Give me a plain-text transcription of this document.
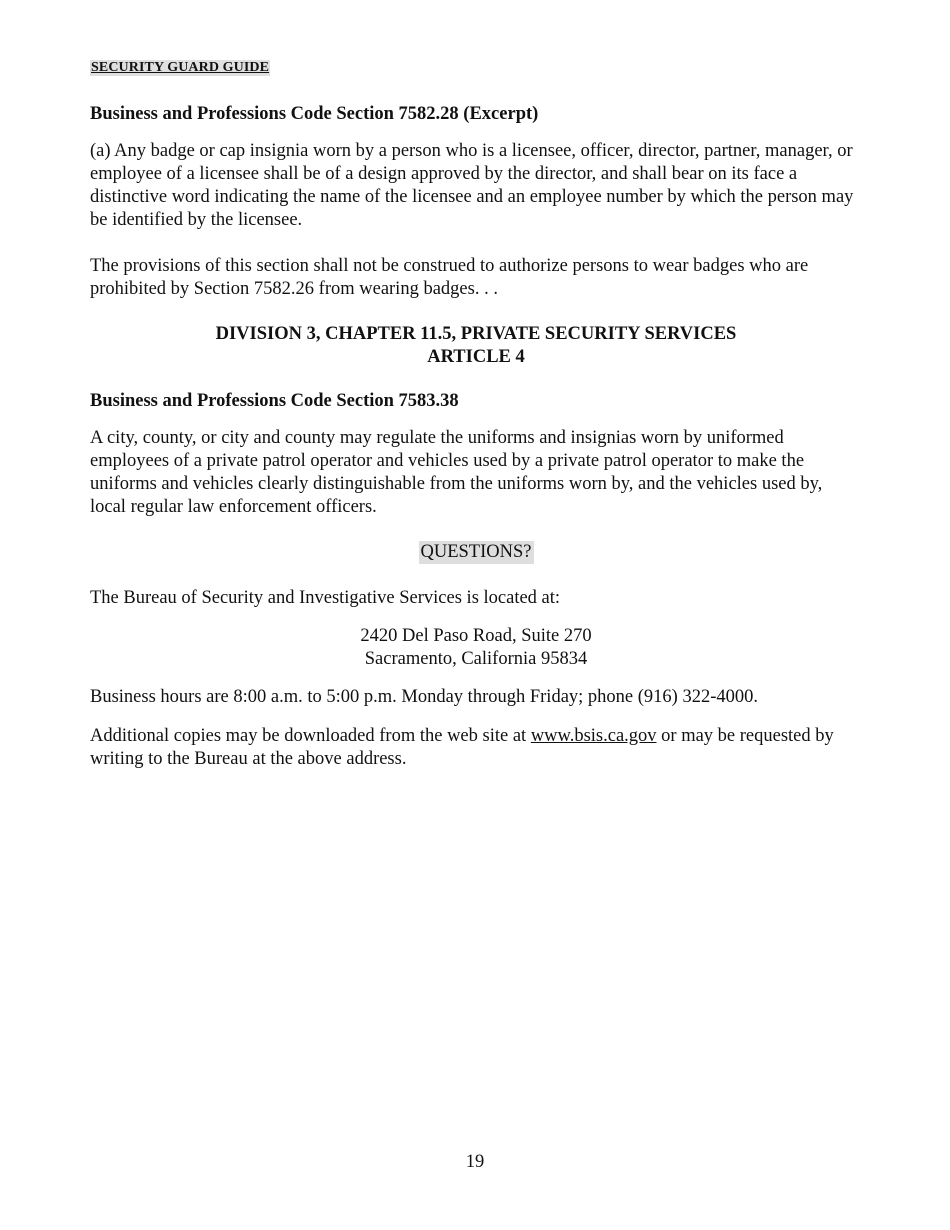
SECURITY GUARD GUIDE

Business and Professions Code Section 7582.28 (Excerpt)

(a) Any badge or cap insignia worn by a person who is a licensee, officer, director, partner, manager, or employee of a licensee shall be of a design approved by the director, and shall bear on its face a distinctive word indicating the name of the licensee and an employee number by which the person may be identified by the licensee.

The provisions of this section shall not be construed to authorize persons to wear badges who are prohibited by Section 7582.26 from wearing badges. . .

DIVISION 3, CHAPTER 11.5, PRIVATE SECURITY SERVICES

ARTICLE 4

Business and Professions Code Section 7583.38

A city, county, or city and county may regulate the uniforms and insignias worn by uniformed employees of a private patrol operator and vehicles used by a private patrol operator to make the uniforms and vehicles clearly distinguishable from the uniforms worn by, and the vehicles used by, local regular law enforcement officers.

QUESTIONS?

The Bureau of Security and Investigative Services is located at:

2420 Del Paso Road, Suite 270

Sacramento, California 95834

Business hours are 8:00 a.m. to 5:00 p.m. Monday through Friday; phone (916) 322-4000.

Additional copies may be downloaded from the web site at www.bsis.ca.gov or may be requested by writing to the Bureau at the above address.

19
